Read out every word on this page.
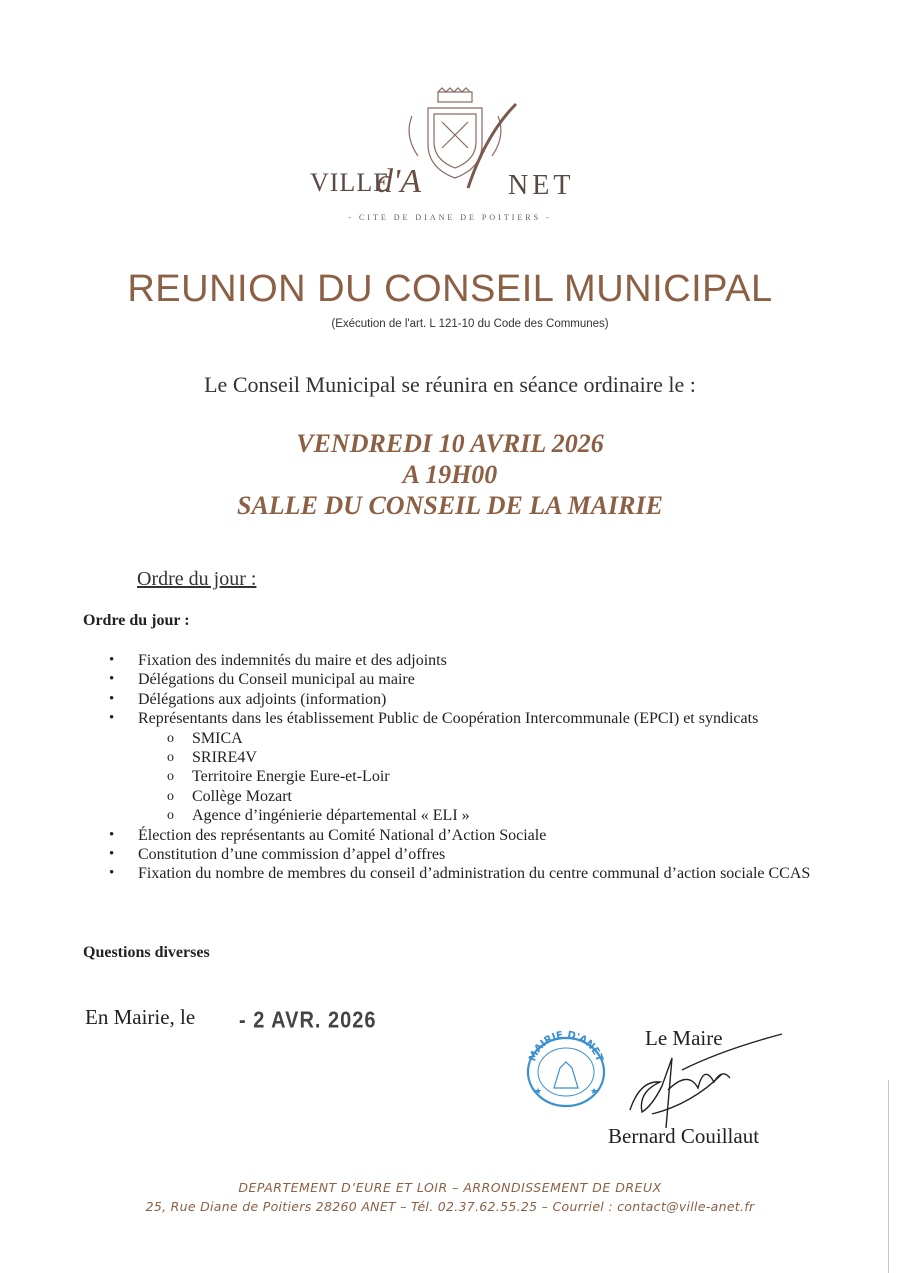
VILLE
d'A	NET
- CITE DE DIANE DE POITIERS -
REUNION DU CONSEIL MUNICIPAL
(Exécution de l'art. L 121-10 du Code des Communes)
Le Conseil Municipal se réunira en séance ordinaire le :
VENDREDI 10 AVRIL 2026
A 19H00
SALLE DU CONSEIL DE LA MAIRIE
Ordre du jour :
Ordre du jour :
• Fixation des indemnités du maire et des adjoints
• Délégations du Conseil municipal au maire
• Délégations aux adjoints (information)
• Représentants dans les établissement Public de Coopération Intercommunale (EPCI) et syndicats
o SMICA
o SRIRE4V
o Territoire Energie Eure-et-Loir
o Collège Mozart
o Agence d’ingénierie départemental « ELI »
• Élection des représentants au Comité National d’Action Sociale
• Constitution d’une commission d’appel d’offres
• Fixation du nombre de membres du conseil d’administration du centre communal d’action sociale CCAS
Questions diverses
En Mairie, le - 2 AVR. 2026
Le Maire
MAIRIE D'ANET
★	★
Bernard Couillaut
DEPARTEMENT D’EURE ET LOIR – ARRONDISSEMENT DE DREUX
25, Rue Diane de Poitiers 28260 ANET – Tél. 02.37.62.55.25 – Courriel : contact@ville-anet.fr
